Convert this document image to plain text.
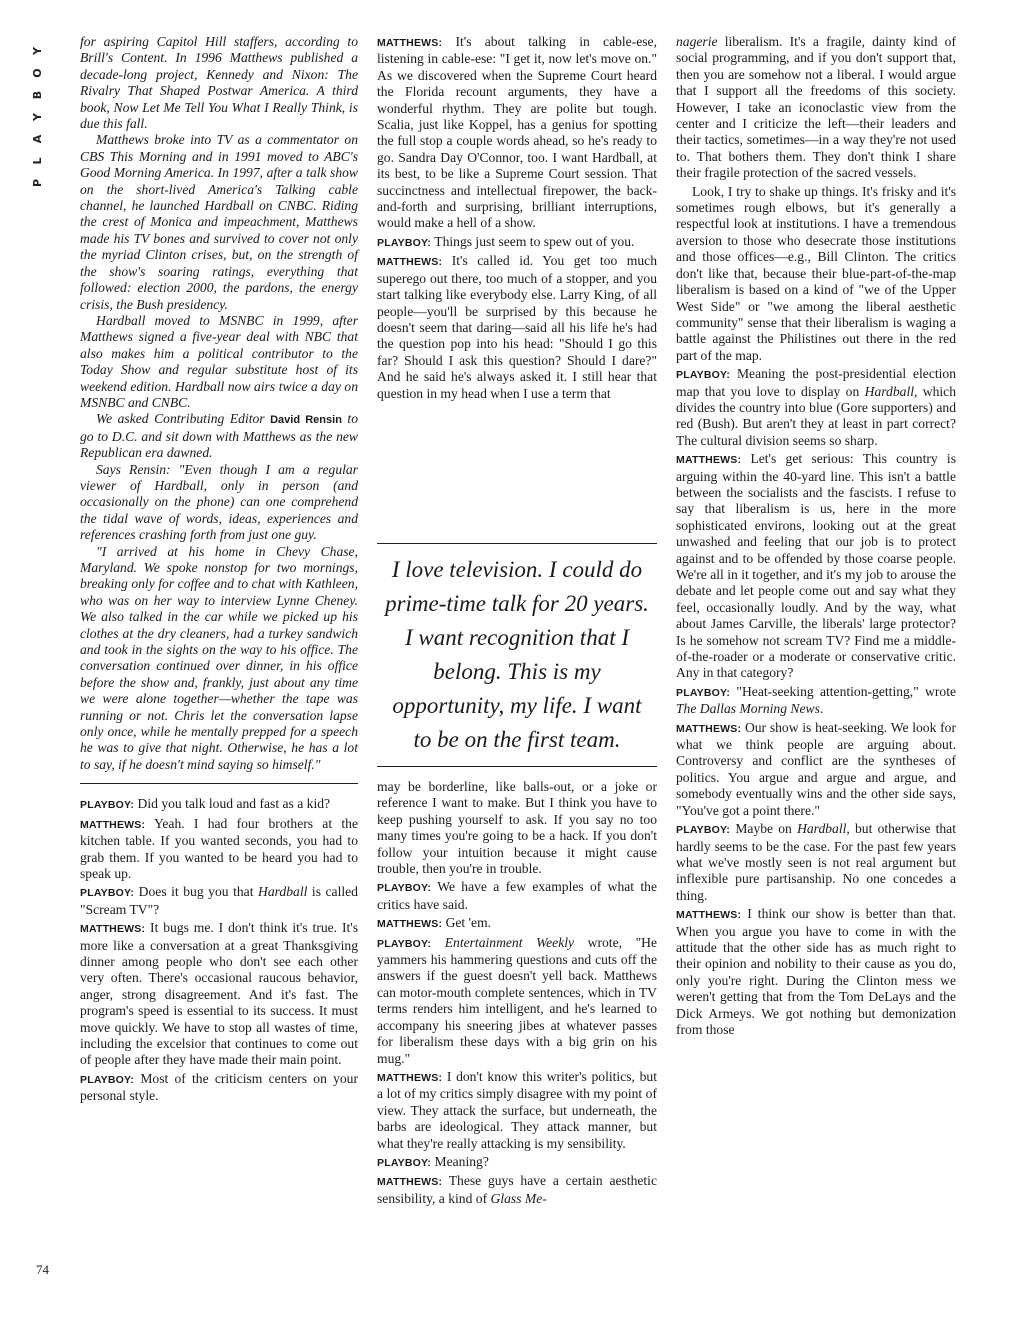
Y
O
B
Y
A
L
P
74

for aspiring Capitol Hill staffers, according to Brill's Content. In 1996 Matthews published a decade-long project, Kennedy and Nixon: The Rivalry That Shaped Postwar America. A third book, Now Let Me Tell You What I Really Think, is due this fall.

Matthews broke into TV as a commentator on CBS This Morning and in 1991 moved to ABC's Good Morning America. In 1997, after a talk show on the short-lived America's Talking cable channel, he launched Hardball on CNBC. Riding the crest of Monica and impeachment, Matthews made his TV bones and survived to cover not only the myriad Clinton crises, but, on the strength of the show's soaring ratings, everything that followed: election 2000, the pardons, the energy crisis, the Bush presidency.

Hardball moved to MSNBC in 1999, after Matthews signed a five-year deal with NBC that also makes him a political contributor to the Today Show and regular substitute host of its weekend edition. Hardball now airs twice a day on MSNBC and CNBC.

We asked Contributing Editor David Rensin to go to D.C. and sit down with Matthews as the new Republican era dawned.

Says Rensin: "Even though I am a regular viewer of Hardball, only in person (and occasionally on the phone) can one comprehend the tidal wave of words, ideas, experiences and references crashing forth from just one guy.

"I arrived at his home in Chevy Chase, Maryland. We spoke nonstop for two mornings, breaking only for coffee and to chat with Kathleen, who was on her way to interview Lynne Cheney. We also talked in the car while we picked up his clothes at the dry cleaners, had a turkey sandwich and took in the sights on the way to his office. The conversation continued over dinner, in his office before the show and, frankly, just about any time we were alone together—whether the tape was running or not. Chris let the conversation lapse only once, while he mentally prepped for a speech he was to give that night. Otherwise, he has a lot to say, if he doesn't mind saying so himself."

PLAYBOY: Did you talk loud and fast as a kid?

MATTHEWS: Yeah. I had four brothers at the kitchen table. If you wanted seconds, you had to grab them. If you wanted to be heard you had to speak up.

PLAYBOY: Does it bug you that Hardball is called "Scream TV"?

MATTHEWS: It bugs me. I don't think it's true. It's more like a conversation at a great Thanksgiving dinner among people who don't see each other very often. There's occasional raucous behavior, anger, strong disagreement. And it's fast. The program's speed is essential to its success. It must move quickly. We have to stop all wastes of time, including the excelsior that continues to come out of people after they have made their main point.

PLAYBOY: Most of the criticism centers on your personal style.

MATTHEWS: It's about talking in cable-ese, listening in cable-ese: "I get it, now let's move on." As we discovered when the Supreme Court heard the Florida recount arguments, they have a wonderful rhythm. They are polite but tough. Scalia, just like Koppel, has a genius for spotting the full stop a couple words ahead, so he's ready to go. Sandra Day O'Connor, too. I want Hardball, at its best, to be like a Supreme Court session. That succinctness and intellectual firepower, the back-and-forth and surprising, brilliant interruptions, would make a hell of a show.

PLAYBOY: Things just seem to spew out of you.

MATTHEWS: It's called id. You get too much superego out there, too much of a stopper, and you start talking like everybody else. Larry King, of all people—you'll be surprised by this because he doesn't seem that daring—said all his life he's had the question pop into his head: "Should I go this far? Should I ask this question? Should I dare?" And he said he's always asked it. I still hear that question in my head when I use a term that

I love television. I could do prime-time talk for 20 years. I want recognition that I belong. This is my opportunity, my life. I want to be on the first team.

may be borderline, like balls-out, or a joke or reference I want to make. But I think you have to keep pushing yourself to ask. If you say no too many times you're going to be a hack. If you don't follow your intuition because it might cause trouble, then you're in trouble.

PLAYBOY: We have a few examples of what the critics have said.

MATTHEWS: Get 'em.

PLAYBOY: Entertainment Weekly wrote, "He yammers his hammering questions and cuts off the answers if the guest doesn't yell back. Matthews can motor-mouth complete sentences, which in TV terms renders him intelligent, and he's learned to accompany his sneering jibes at whatever passes for liberalism these days with a big grin on his mug."

MATTHEWS: I don't know this writer's politics, but a lot of my critics simply disagree with my point of view. They attack the surface, but underneath, the barbs are ideological. They attack manner, but what they're really attacking is my sensibility.

PLAYBOY: Meaning?

MATTHEWS: These guys have a certain aesthetic sensibility, a kind of Glass Me-

nagerie liberalism. It's a fragile, dainty kind of social programming, and if you don't support that, then you are somehow not a liberal. I would argue that I support all the freedoms of this society. However, I take an iconoclastic view from the center and I criticize the left—their leaders and their tactics, sometimes—in a way they're not used to. That bothers them. They don't think I share their fragile protection of the sacred vessels.

Look, I try to shake up things. It's frisky and it's sometimes rough elbows, but it's generally a respectful look at institutions. I have a tremendous aversion to those who desecrate those institutions and those offices—e.g., Bill Clinton. The critics don't like that, because their blue-part-of-the-map liberalism is based on a kind of "we of the Upper West Side" or "we among the liberal aesthetic community" sense that their liberalism is waging a battle against the Philistines out there in the red part of the map.

PLAYBOY: Meaning the post-presidential election map that you love to display on Hardball, which divides the country into blue (Gore supporters) and red (Bush). But aren't they at least in part correct? The cultural division seems so sharp.

MATTHEWS: Let's get serious: This country is arguing within the 40-yard line. This isn't a battle between the socialists and the fascists. I refuse to say that liberalism is us, here in the more sophisticated environs, looking out at the great unwashed and feeling that our job is to protect against and to be offended by those coarse people. We're all in it together, and it's my job to arouse the debate and let people come out and say what they feel, occasionally loudly. And by the way, what about James Carville, the liberals' large protector? Is he somehow not scream TV? Find me a middle-of-the-roader or a moderate or conservative critic. Any in that category?

PLAYBOY: "Heat-seeking attention-getting," wrote The Dallas Morning News.

MATTHEWS: Our show is heat-seeking. We look for what we think people are arguing about. Controversy and conflict are the syntheses of politics. You argue and argue and argue, and somebody eventually wins and the other side says, "You've got a point there."

PLAYBOY: Maybe on Hardball, but otherwise that hardly seems to be the case. For the past few years what we've mostly seen is not real argument but inflexible pure partisanship. No one concedes a thing.

MATTHEWS: I think our show is better than that. When you argue you have to come in with the attitude that the other side has as much right to their opinion and nobility to their cause as you do, only you're right. During the Clinton mess we weren't getting that from the Tom DeLays and the Dick Armeys. We got nothing but demonization from those
